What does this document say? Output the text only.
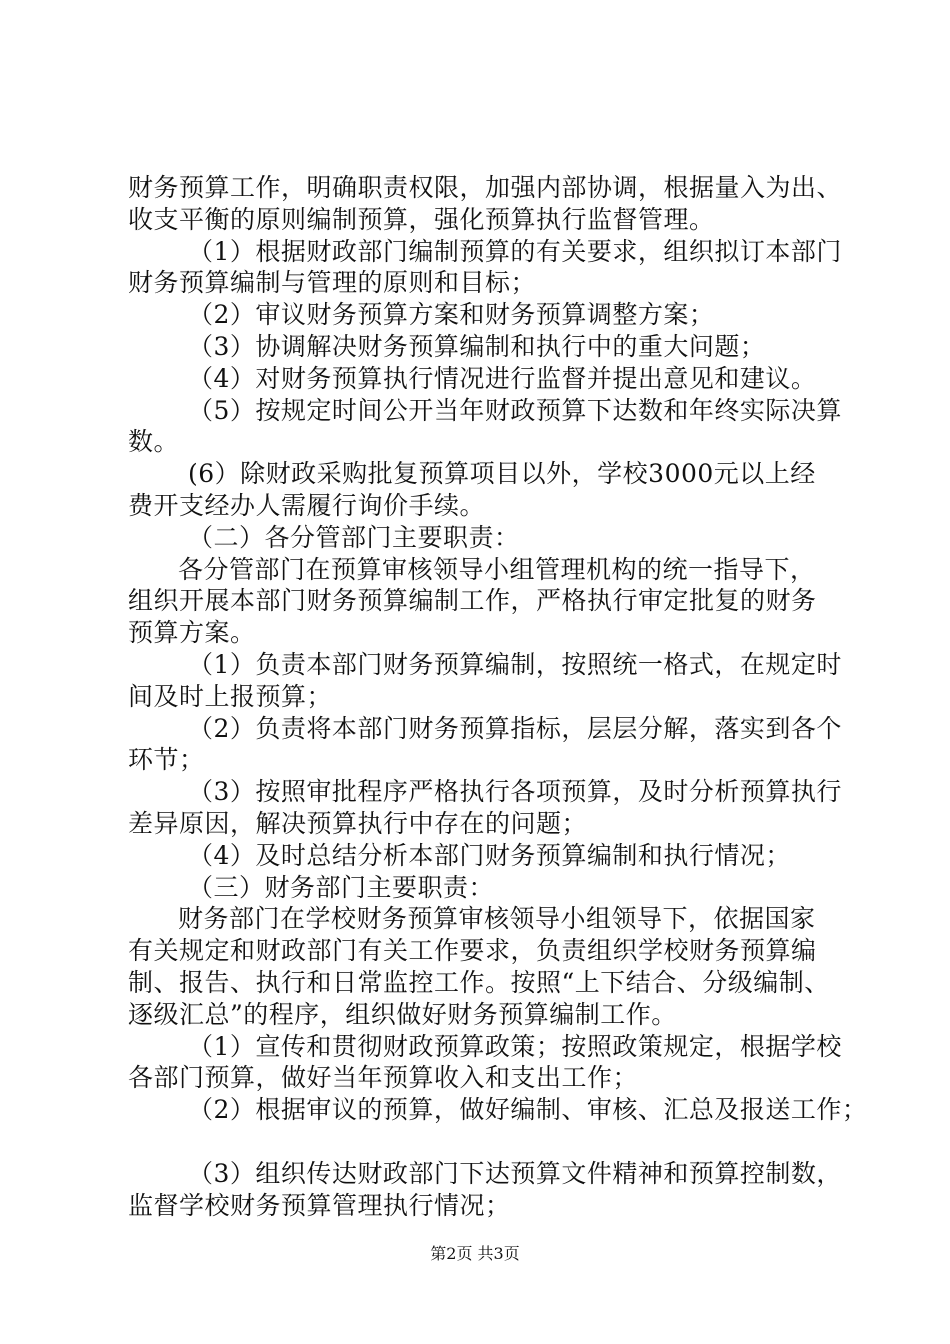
财务预算工作，明确职责权限，加强内部协调，根据量入为出、
收支平衡的原则编制预算，强化预算执行监督管理。
（1）根据财政部门编制预算的有关要求，组织拟订本部门
财务预算编制与管理的原则和目标；
（2）审议财务预算方案和财务预算调整方案；
（3）协调解决财务预算编制和执行中的重大问题；
（4）对财务预算执行情况进行监督并提出意见和建议。
（5）按规定时间公开当年财政预算下达数和年终实际决算
数。
(6）除财政采购批复预算项目以外，学校3000元以上经
费开支经办人需履行询价手续。
（二）各分管部门主要职责：
各分管部门在预算审核领导小组管理机构的统一指导下，
组织开展本部门财务预算编制工作，严格执行审定批复的财务
预算方案。
（1）负责本部门财务预算编制，按照统一格式，在规定时
间及时上报预算；
（2）负责将本部门财务预算指标，层层分解，落实到各个
环节；
（3）按照审批程序严格执行各项预算，及时分析预算执行
差异原因，解决预算执行中存在的问题；
（4）及时总结分析本部门财务预算编制和执行情况；
（三）财务部门主要职责：
财务部门在学校财务预算审核领导小组领导下，依据国家
有关规定和财政部门有关工作要求，负责组织学校财务预算编
制、报告、执行和日常监控工作。按照“上下结合、分级编制、
逐级汇总”的程序，组织做好财务预算编制工作。
（1）宣传和贯彻财政预算政策；按照政策规定，根据学校
各部门预算，做好当年预算收入和支出工作；
（2）根据审议的预算，做好编制、审核、汇总及报送工作；
（3）组织传达财政部门下达预算文件精神和预算控制数，
监督学校财务预算管理执行情况；
第2页 共3页
